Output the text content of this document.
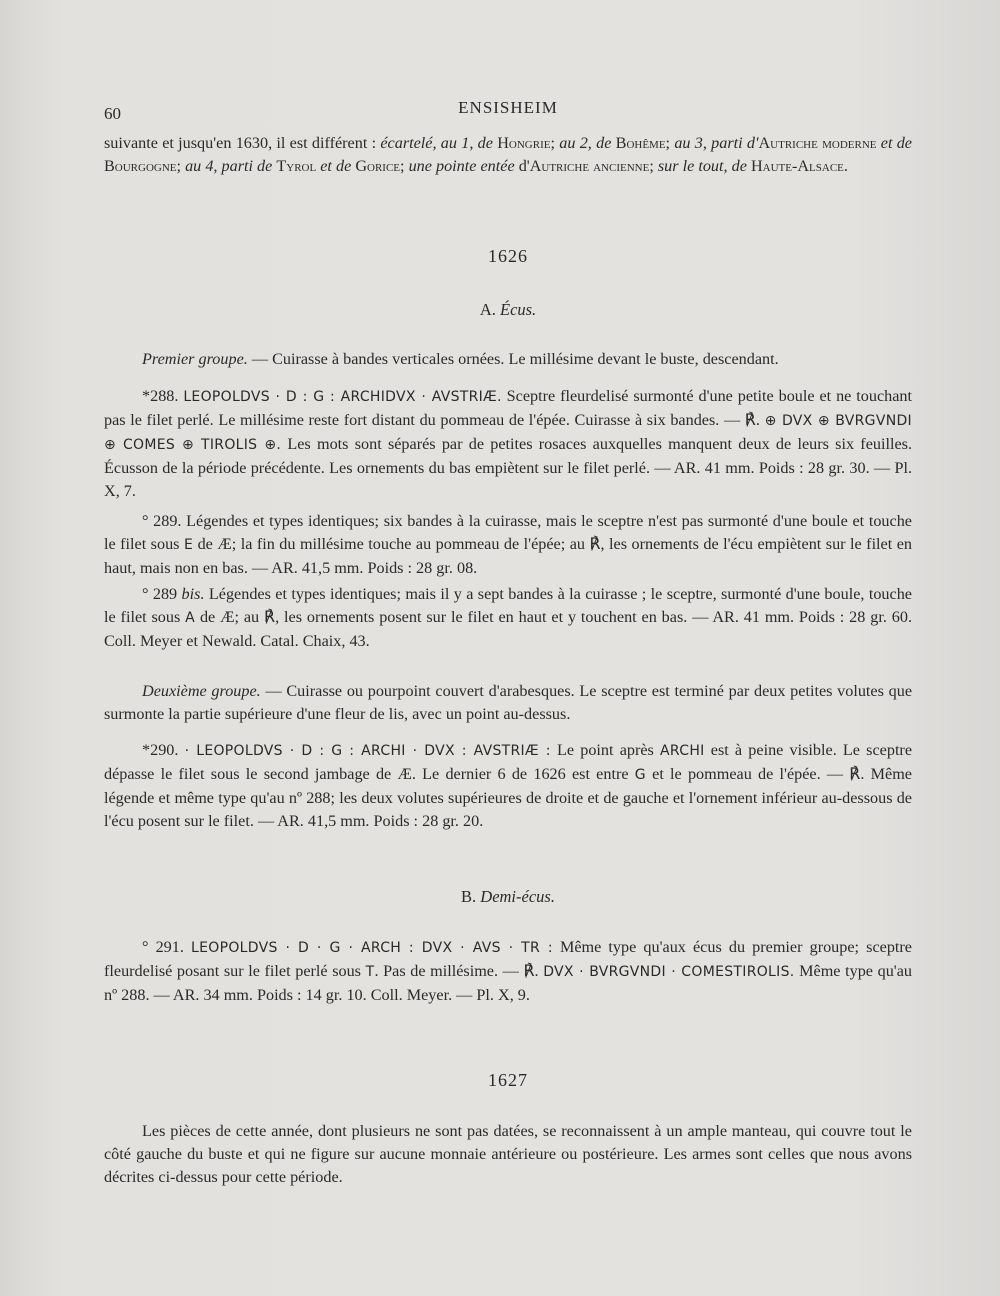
60	ENSISHEIM

suivante et jusqu'en 1630, il est différent : écartelé, au 1, de Hongrie; au 2, de Bohême; au 3, parti d'Autriche moderne et de Bourgogne; au 4, parti de Tyrol et de Gorice; une pointe entée d'Autriche ancienne; sur le tout, de Haute-Alsace.

1626
A. Écus.

Premier groupe. — Cuirasse à bandes verticales ornées. Le millésime devant le buste, descendant.

*288. LEOPOLDVS · D : G : ARCHIDVX · AVSTRIÆ. Sceptre fleurdelisé surmonté d'une petite boule et ne touchant pas le filet perlé. Le millésime reste fort distant du pommeau de l'épée. Cuirasse à six bandes. — ℟. ⊕ DVX ⊕ BVRGVNDI ⊕ COMES ⊕ TIROLIS ⊕. Les mots sont séparés par de petites rosaces auxquelles manquent deux de leurs six feuilles. Écusson de la période précédente. Les ornements du bas empiètent sur le filet perlé. — AR. 41 mm. Poids : 28 gr. 30. — Pl. X, 7.

° 289. Légendes et types identiques; six bandes à la cuirasse, mais le sceptre n'est pas surmonté d'une boule et touche le filet sous E de Æ; la fin du millésime touche au pommeau de l'épée; au ℟, les ornements de l'écu empiètent sur le filet en haut, mais non en bas. — AR. 41,5 mm. Poids : 28 gr. 08.

° 289 bis. Légendes et types identiques; mais il y a sept bandes à la cuirasse ; le sceptre, surmonté d'une boule, touche le filet sous A de Æ; au ℟, les ornements posent sur le filet en haut et y touchent en bas. — AR. 41 mm. Poids : 28 gr. 60. Coll. Meyer et Newald. Catal. Chaix, 43.

Deuxième groupe. — Cuirasse ou pourpoint couvert d'arabesques. Le sceptre est terminé par deux petites volutes que surmonte la partie supérieure d'une fleur de lis, avec un point au-dessus.

*290. · LEOPOLDVS · D : G : ARCHI · DVX : AVSTRIÆ : Le point après ARCHI est à peine visible. Le sceptre dépasse le filet sous le second jambage de Æ. Le dernier 6 de 1626 est entre G et le pommeau de l'épée. — ℟. Même légende et même type qu'au nº 288; les deux volutes supérieures de droite et de gauche et l'ornement inférieur au-dessous de l'écu posent sur le filet. — AR. 41,5 mm. Poids : 28 gr. 20.

B. Demi-écus.

° 291. LEOPOLDVS · D · G · ARCH : DVX · AVS · TR : Même type qu'aux écus du premier groupe; sceptre fleurdelisé posant sur le filet perlé sous T. Pas de millésime. — ℟. DVX · BVRGVNDI · COMESTIROLIS. Même type qu'au nº 288. — AR. 34 mm. Poids : 14 gr. 10. Coll. Meyer. — Pl. X, 9.

1627

Les pièces de cette année, dont plusieurs ne sont pas datées, se reconnaissent à un ample manteau, qui couvre tout le côté gauche du buste et qui ne figure sur aucune monnaie antérieure ou postérieure. Les armes sont celles que nous avons décrites ci-dessus pour cette période.
